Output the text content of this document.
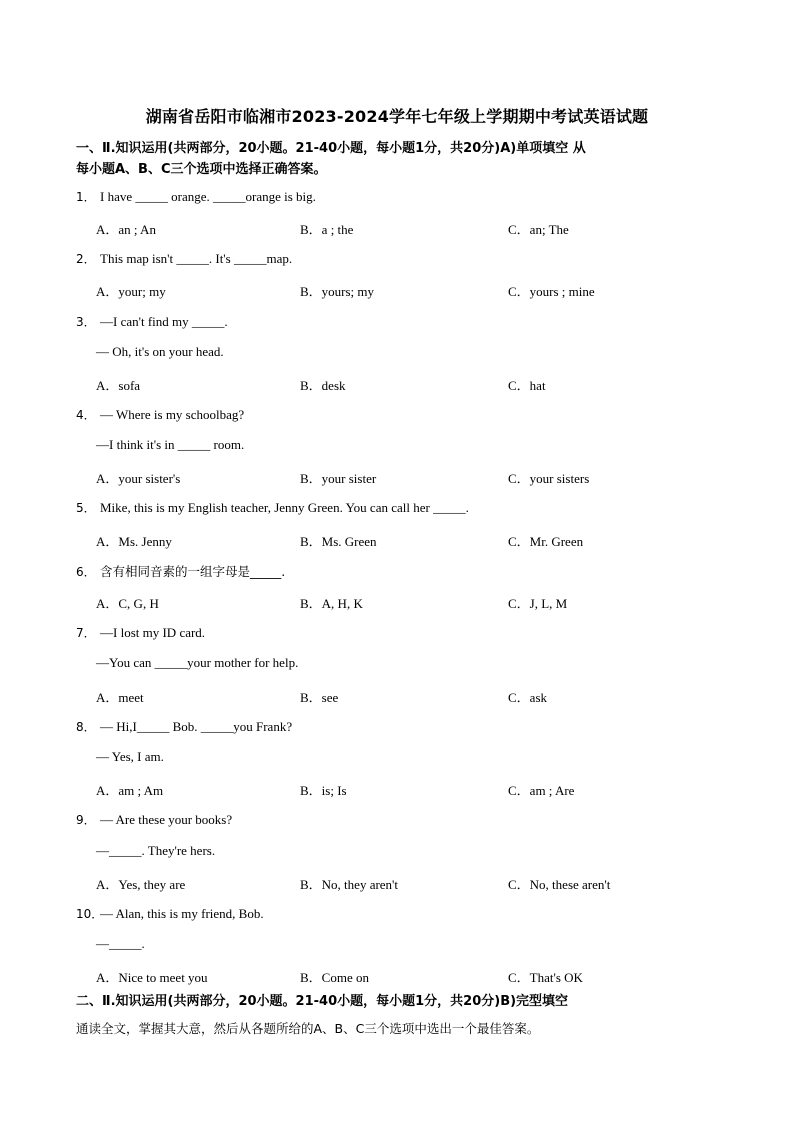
湖南省岳阳市临湘市2023-2024学年七年级上学期期中考试英语试题
一、Ⅱ.知识运用(共两部分，20小题。21-40小题，每小题1分，共20分)A)单项填空 从
每小题A、B、C三个选项中选择正确答案。
1． I have _____ orange. _____orange is big.
A．an ; An	B．a ; the	C．an; The
2． This map isn't _____. It's _____map.
A．your; my	B．yours; my	C．yours ; mine
3． —I can't find my _____.
— Oh, it's on your head.
A．sofa	B．desk	C．hat
4． — Where is my schoolbag?
—I think it's in _____ room.
A．your sister's	B．your sister	C．your sisters
5． Mike, this is my English teacher, Jenny Green. You can call her _____.
A．Ms. Jenny	B．Ms. Green	C．Mr. Green
6． 含有相同音素的一组字母是_____.
A．C, G, H	B．A, H, K	C．J, L, M
7． —I lost my ID card.
—You can _____your mother for help.
A．meet	B．see	C．ask
8． — Hi,I_____ Bob. _____you Frank?
— Yes, I am.
A．am ; Am	B．is; Is	C．am ; Are
9． — Are these your books?
—_____. They're hers.
A．Yes, they are	B．No, they aren't	C．No, these aren't
10．— Alan, this is my friend, Bob.
—_____.
A．Nice to meet you	B．Come on	C．That's OK
二、Ⅱ.知识运用(共两部分，20小题。21-40小题，每小题1分，共20分)B)完型填空
通读全文，掌握其大意，然后从各题所给的A、B、C三个选项中选出一个最佳答案。
